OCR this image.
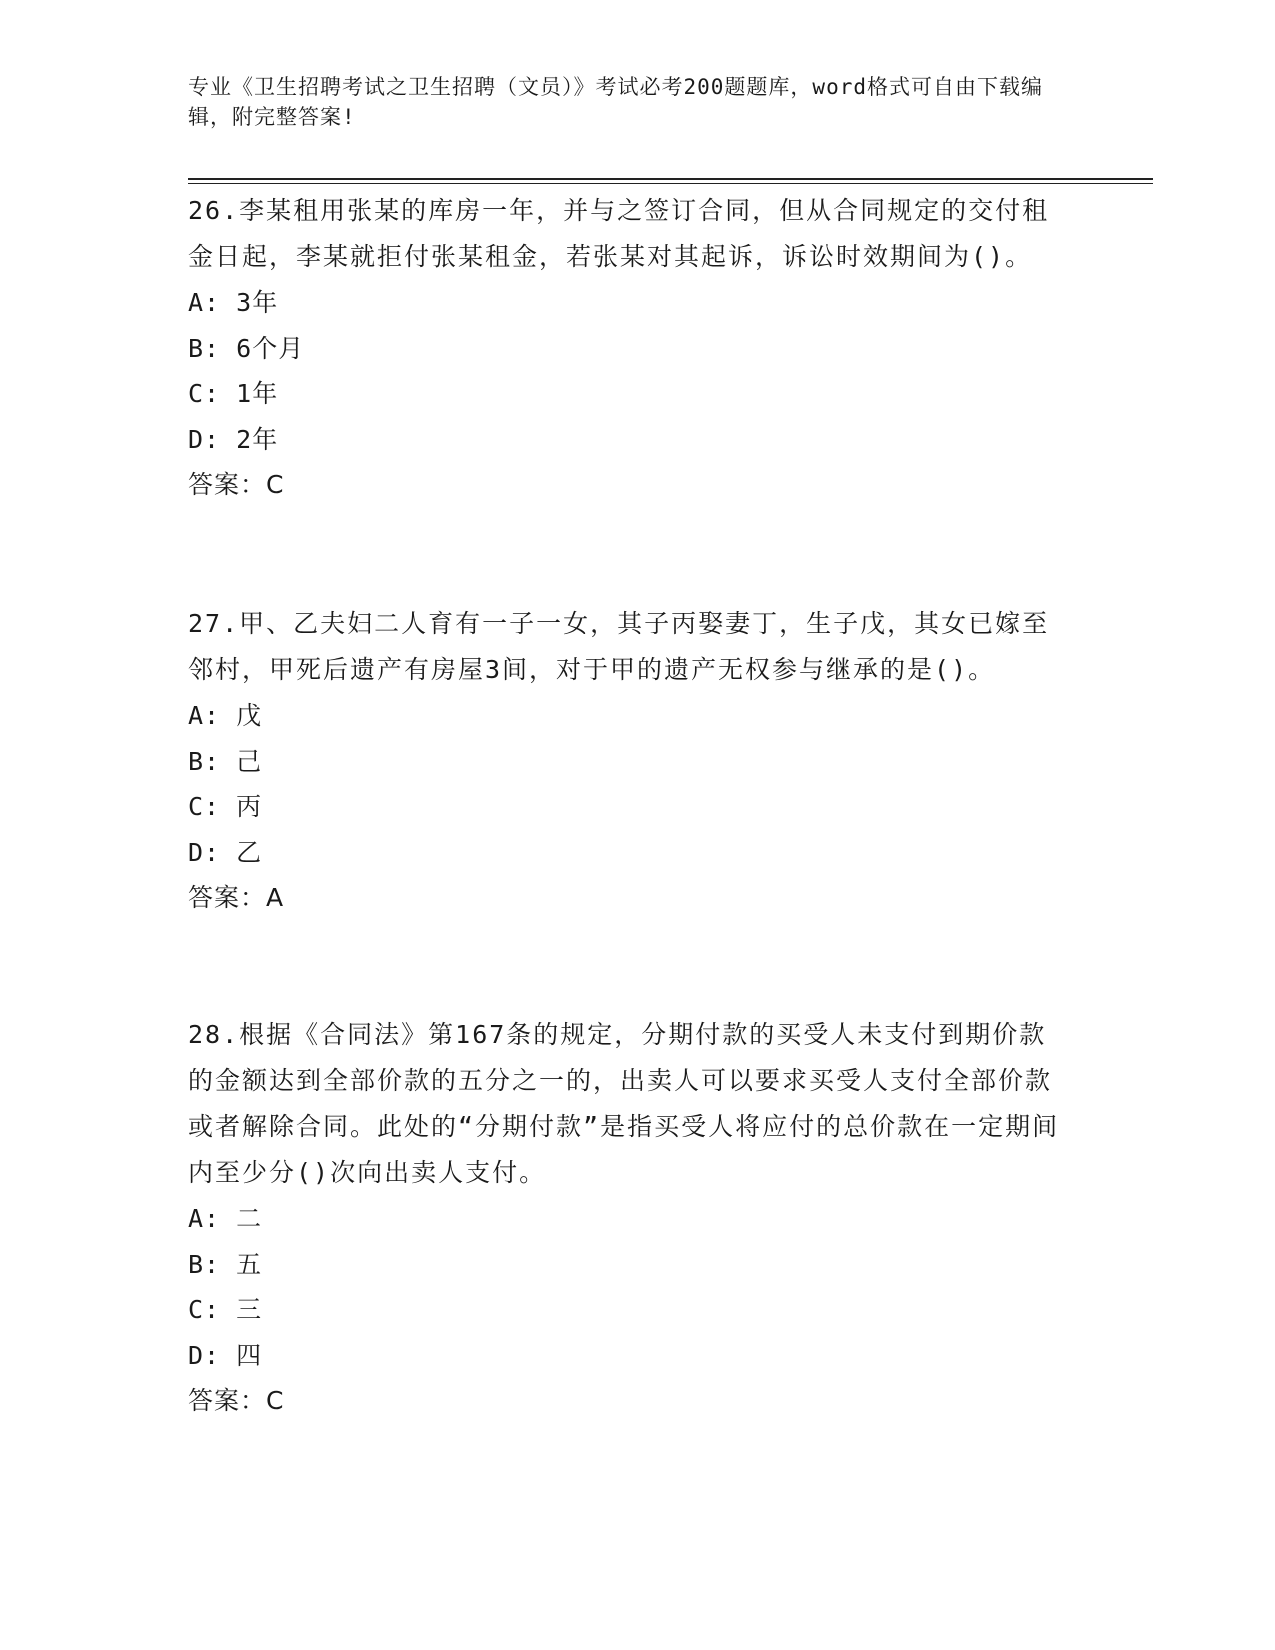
专业《卫生招聘考试之卫生招聘（文员）》考试必考200题题库，word格式可自由下载编辑，附完整答案!

26.李某租用张某的库房一年，并与之签订合同，但从合同规定的交付租金日起，李某就拒付张某租金，若张某对其起诉，诉讼时效期间为()。

A: 3年

B: 6个月

C: 1年

D: 2年

答案：C

27.甲、乙夫妇二人育有一子一女，其子丙娶妻丁，生子戊，其女已嫁至邻村，甲死后遗产有房屋3间，对于甲的遗产无权参与继承的是()。

A: 戊

B: 己

C: 丙

D: 乙

答案：A

28.根据《合同法》第167条的规定，分期付款的买受人未支付到期价款的金额达到全部价款的五分之一的，出卖人可以要求买受人支付全部价款或者解除合同。此处的“分期付款”是指买受人将应付的总价款在一定期间内至少分()次向出卖人支付。

A: 二

B: 五

C: 三

D: 四

答案：C
